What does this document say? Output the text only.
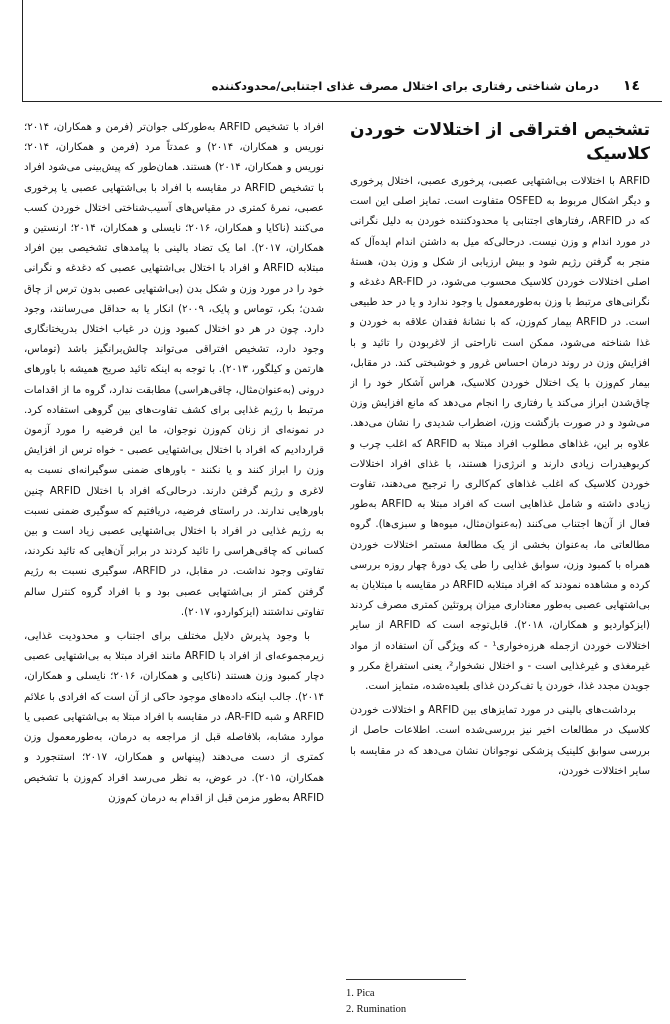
١٤
درمان شناختی رفتاری برای اختلال مصرف غذای اجتنابی/محدودکننده
تشخیص افتراقی از اختلالات خوردن کلاسیک

ARFID با اختلالات بی‌اشتهایی عصبی، پرخوری عصبی، اختلال پرخوری و دیگر اشکال مربوط به OSFED متفاوت است. تمایز اصلی این است که در ARFID، رفتارهای اجتنابی یا محدودکننده خوردن به دلیل نگرانی در مورد اندام و وزن نیست. درحالی‌که میل به داشتن اندام ایده‌آل که منجر به گرفتن رژیم شود و بیش ارزیابی از شکل و وزن بدن، هستهٔ اصلی اختلالات خوردن کلاسیک محسوب می‌شود، در AR-FID دغدغه و نگرانی‌های مرتبط با وزن به‌طورمعمول یا وجود ندارد و یا در حد طبیعی است. در ARFID بیمار کم‌وزن، که با نشانهٔ فقدان علاقه به خوردن و غذا شناخته می‌شود، ممکن است ناراحتی از لاغربودن را تائید و با افزایش وزن در روند درمان احساس غرور و خوشبختی کند. در مقابل، بیمار کم‌وزن با یک اختلال خوردن کلاسیک، هراس آشکار خود را از چاق‌شدن ابراز می‌کند یا رفتاری را انجام می‌دهد که مانع افزایش وزن می‌شود و در صورت بازگشت وزن، اضطراب شدیدی را نشان می‌دهد. علاوه بر این، غذاهای مطلوب افراد مبتلا به ARFID که اغلب چرب و کربوهیدرات زیادی دارند و انرژی‌زا هستند، با غذای افراد اختلالات خوردن کلاسیک که اغلب غذاهای کم‌کالری را ترجیح می‌دهند، تفاوت زیادی داشته و شامل غذاهایی است که افراد مبتلا به ARFID به‌طور فعال از آن‌ها اجتناب می‌کنند (به‌عنوان‌مثال، میوه‌ها و سبزی‌ها). گروه مطالعاتی ما، به‌عنوان بخشی از یک مطالعهٔ مستمر اختلالات خوردن همراه با کمبود وزن، سوابق غذایی را طی یک دورهٔ چهار روزه بررسی کرده و مشاهده نمودند که افراد مبتلابه ARFID در مقایسه با مبتلایان به بی‌اشتهایی عصبی به‌طور معناداری میزان پروتئین کمتری مصرف کردند (ایزکواردیو و همکاران، ۲۰۱۸). قابل‌توجه است که ARFID از سایر اختلالات خوردن ازجمله هرزه‌خواری¹ - که ویژگی آن استفاده از مواد غیرمغذی و غیرغذایی است - و اختلال نشخوار²، یعنی استفراغ مکرر و جویدن مجدد غذا، خوردن یا تف‌کردن غذای بلعیده‌شده، متمایز است.

برداشت‌های بالینی در مورد تمایزهای بین ARFID و اختلالات خوردن کلاسیک در مطالعات اخیر نیز بررسی‌شده است. اطلاعات حاصل از بررسی سوابق کلینیک پزشکی نوجوانان نشان می‌دهد که در مقایسه با سایر اختلالات خوردن،

افراد با تشخیص ARFID به‌طورکلی جوان‌تر (فرمن و همکاران، ۲۰۱۴؛ نوریس و همکاران، ۲۰۱۴) و عمدتاً مرد (فرمن و همکاران، ۲۰۱۴؛ نوریس و همکاران، ۲۰۱۴) هستند. همان‌طور که پیش‌بینی می‌شود افراد با تشخیص ARFID در مقایسه با افراد با بی‌اشتهایی عصبی یا پرخوری عصبی، نمرهٔ کمتری در مقیاس‌های آسیب‌شناختی اختلال خوردن کسب می‌کنند (ناکایا و همکاران، ۲۰۱۶؛ نایسلی و همکاران، ۲۰۱۴؛ ارنستین و همکاران، ۲۰۱۷). اما یک تضاد بالینی با پیامدهای تشخیصی بین افراد مبتلابه ARFID و افراد با اختلال بی‌اشتهایی عصبی که دغدغه و نگرانی خود را در مورد وزن و شکل بدن (بی‌اشتهایی عصبی بدون ترس از چاق شدن؛ بکر، توماس و پایک، ۲۰۰۹) انکار یا به حداقل می‌رسانند، وجود دارد. چون در هر دو اختلال کمبود وزن در غیاب اختلال بدریختانگاری وجود دارد، تشخیص افتراقی می‌تواند چالش‌برانگیز باشد (توماس، هارتمن و کیلگور، ۲۰۱۳). با توجه به اینکه تائید صریح همیشه با باورهای درونی (به‌عنوان‌مثال، چاقی‌هراسی) مطابقت ندارد، گروه ما از اقدامات مرتبط با رژیم غذایی برای کشف تفاوت‌های بین گروهی استفاده کرد. در نمونه‌ای از زنان کم‌وزن نوجوان، ما این فرضیه را مورد آزمون قراردادیم که افراد با اختلال بی‌اشتهایی عصبی - خواه ترس از افزایش وزن را ابراز کنند و یا نکنند - باورهای ضمنی سوگیرانه‌ای نسبت به لاغری و رژیم گرفتن دارند. درحالی‌که افراد با اختلال ARFID چنین باورهایی ندارند. در راستای فرضیه، دریافتیم که سوگیری ضمنی نسبت به رژیم غذایی در افراد با اختلال بی‌اشتهایی عصبی زیاد است و بین کسانی که چاقی‌هراسی را تائید کردند در برابر آن‌هایی که تائید نکردند، تفاوتی وجود نداشت. در مقابل، در ARFID، سوگیری نسبت به رژیم گرفتن کمتر از بی‌اشتهایی عصبی بود و با افراد گروه کنترل سالم تفاوتی نداشتند (ایزکواردو، ۲۰۱۷).

با وجود پذیرش دلایل مختلف برای اجتناب و محدودیت غذایی، زیرمجموعه‌ای از افراد با ARFID مانند افراد مبتلا به بی‌اشتهایی عصبی دچار کمبود وزن هستند (ناکایی و همکاران، ۲۰۱۶؛ نایسلی و همکاران، ۲۰۱۴). جالب اینکه داده‌های موجود حاکی از آن است که افرادی با علائم ARFID و شبه AR-FID، در مقایسه با افراد مبتلا به بی‌اشتهایی عصبی یا موارد مشابه، بلافاصله قبل از مراجعه به درمان، به‌طورمعمول وزن کمتری از دست می‌دهند (پینهاس و همکاران، ۲۰۱۷؛ استنجورد و همکاران، ۲۰۱۵). در عوض، به نظر می‌رسد افراد کم‌وزن با تشخیص ARFID به‌طور مزمن قبل از اقدام به درمان کم‌وزن

1. Pica
2. Rumination
